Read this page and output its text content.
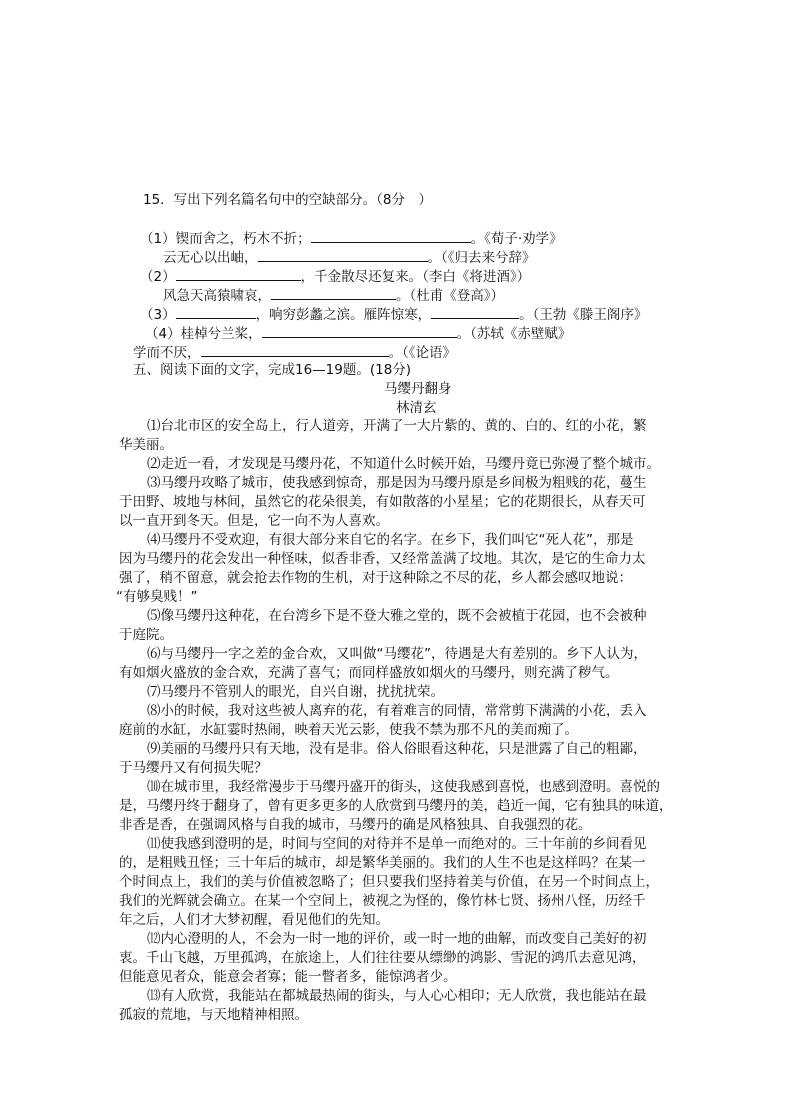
15．写出下列名篇名句中的空缺部分。（8分　）
（1）锲而舍之，朽木不折；	。《荀子·劝学》
云无心以出岫，	。（《归去来兮辞》
（2）	，千金散尽还复来。（李白《将进酒》）
风急天高猿啸哀，	。（杜甫《登高》）
（3）	，响穷彭蠡之滨。雁阵惊寒，	。（王勃《滕王阁序》
（4）桂棹兮兰桨，	。（苏轼《赤壁赋》
学而不厌，	。（《论语》
五、阅读下面的文字，完成16—19题。(18分)
马缨丹翻身
林清玄
⑴台北市区的安全岛上，行人道旁，开满了一大片紫的、黄的、白的、红的小花，繁
华美丽。
⑵走近一看，才发现是马缨丹花，不知道什么时候开始，马缨丹竟已弥漫了整个城市。
⑶马缨丹攻略了城市，使我感到惊奇，那是因为马缨丹原是乡间极为粗贱的花，蔓生
于田野、坡地与林间，虽然它的花朵很美，有如散落的小星星；它的花期很长，从春天可
以一直开到冬天。但是，它一向不为人喜欢。
⑷马缨丹不受欢迎，有很大部分来自它的名字。在乡下，我们叫它“死人花”，那是
因为马缨丹的花会发出一种怪味，似香非香，又经常盖满了坟地。其次，是它的生命力太
强了，稍不留意，就会抢去作物的生机，对于这种除之不尽的花，乡人都会感叹地说：
“有够臭贱！”
⑸像马缨丹这种花，在台湾乡下是不登大雅之堂的，既不会被植于花园，也不会被种
于庭院。
⑹与马缨丹一字之差的金合欢，又叫做“马缨花”，待遇是大有差别的。乡下人认为，
有如烟火盛放的金合欢，充满了喜气；而同样盛放如烟火的马缨丹，则充满了秽气。
⑺马缨丹不管别人的眼光，自兴自谢，扰扰扰荣。
⑻小的时候，我对这些被人离弃的花，有着难言的同情，常常剪下满满的小花，丢入
庭前的水缸，水缸霎时热闹，映着天光云影，使我不禁为那不凡的美而痴了。
⑼美丽的马缨丹只有天地，没有是非。俗人俗眼看这种花，只是泄露了自己的粗鄙，
于马缨丹又有何损失呢？
⑽在城市里，我经常漫步于马缨丹盛开的街头，这使我感到喜悦，也感到澄明。喜悦的
是，马缨丹终于翻身了，曾有更多更多的人欣赏到马缨丹的美，趋近一闻，它有独具的味道，
非香是香，在强调风格与自我的城市，马缨丹的确是风格独具、自我强烈的花。
⑾使我感到澄明的是，时间与空间的对待并不是单一而绝对的。三十年前的乡间看见
的，是粗贱丑怪；三十年后的城市，却是繁华美丽的。我们的人生不也是这样吗？在某一
个时间点上，我们的美与价值被忽略了；但只要我们坚持着美与价值，在另一个时间点上，
我们的光辉就会确立。在某一个空间上，被视之为怪的，像竹林七贤、扬州八怪，历经千
年之后，人们才大梦初醒，看见他们的先知。
⑿内心澄明的人，不会为一时一地的评价，或一时一地的曲解，而改变自己美好的初
衷。千山飞越，万里孤鸿，在旅途上，人们往往要从缥缈的鸿影、雪泥的鸿爪去意见鸿，
但能意见者众，能意会者寡；能一瞥者多，能惊鸿者少。
⒀有人欣赏，我能站在都城最热闹的街头，与人心心相印；无人欣赏，我也能站在最
孤寂的荒地，与天地精神相照。
